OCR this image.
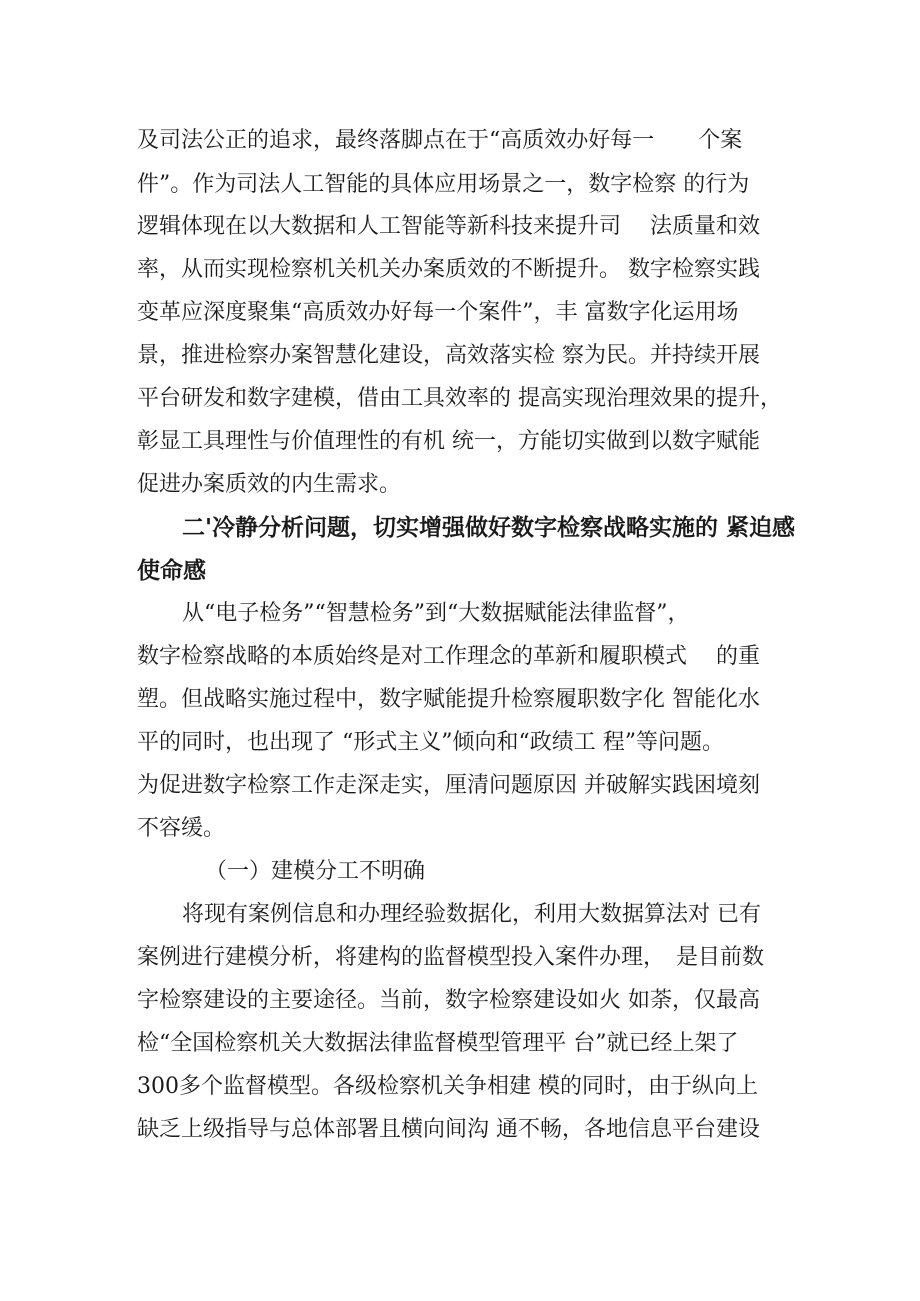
及司法公正的追求，最终落脚点在于“高质效办好每一　　个案
件”。作为司法人工智能的具体应用场景之一，数字检察 的行为
逻辑体现在以大数据和人工智能等新科技来提升司　 法质量和效
率，从而实现检察机关机关办案质效的不断提升。 数字检察实践
变革应深度聚集“高质效办好每一个案件”，丰 富数字化运用场
景，推进检察办案智慧化建设，高效落实检 察为民。并持续开展
平台研发和数字建模，借由工具效率的 提高实现治理效果的提升，
彰显工具理性与价值理性的有机 统一，方能切实做到以数字赋能
促进办案质效的内生需求。
二'冷静分析问题，切实增强做好数字检察战略实施的 紧迫感
使命感
从“电子检务”“智慧检务”到“大数据赋能法律监督”，
数字检察战略的本质始终是对工作理念的革新和履职模式　 的重
塑。但战略实施过程中，数字赋能提升检察履职数字化 智能化水
平的同时，也出现了 “形式主义”倾向和“政绩工 程”等问题。
为促进数字检察工作走深走实，厘清问题原因 并破解实践困境刻
不容缓。
（一）建模分工不明确
将现有案例信息和办理经验数据化，利用大数据算法对 已有
案例进行建模分析，将建构的监督模型投入案件办理，　是目前数
字检察建设的主要途径。当前，数字检察建设如火 如荼，仅最高
检“全国检察机关大数据法律监督模型管理平 台”就已经上架了
300多个监督模型。各级检察机关争相建 模的同时，由于纵向上
缺乏上级指导与总体部署且横向间沟 通不畅，各地信息平台建设
